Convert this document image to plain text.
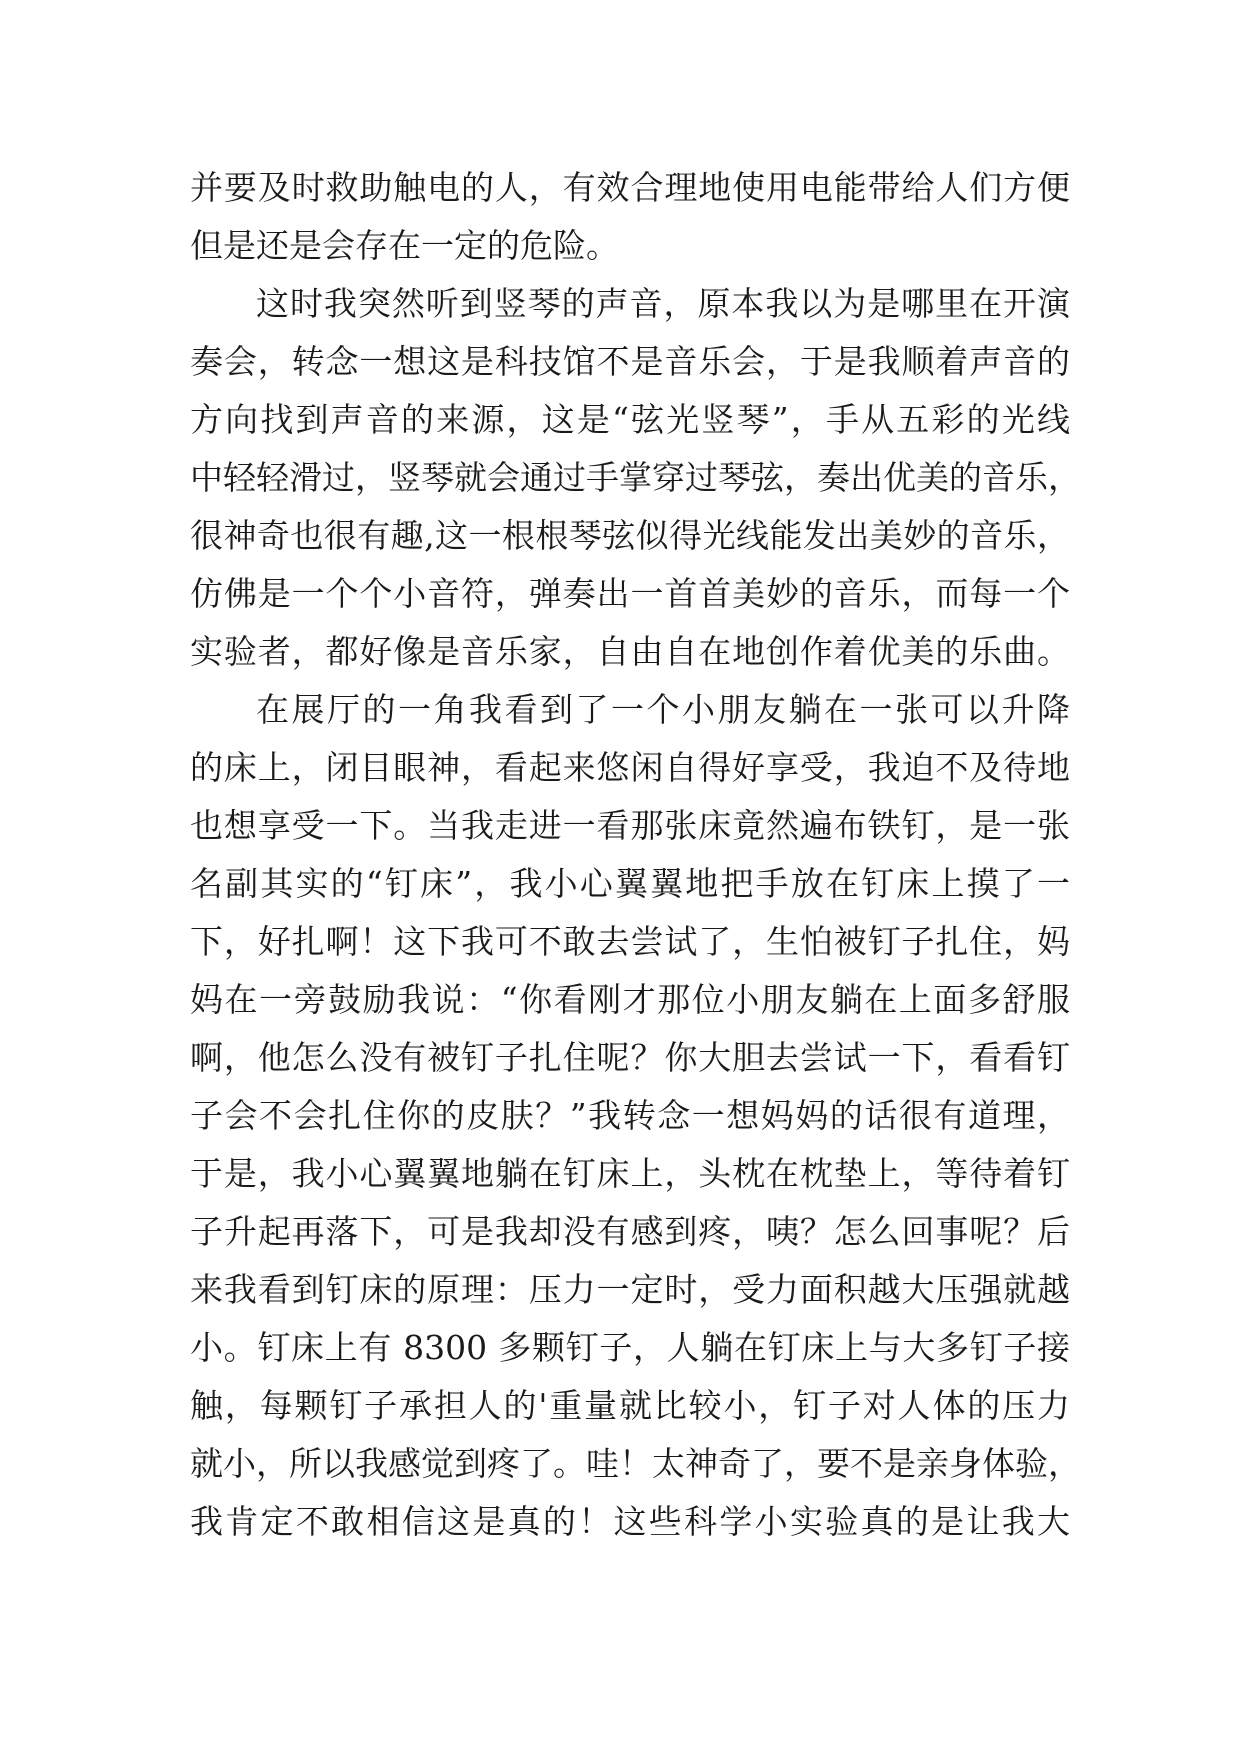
并要及时救助触电的人，有效合理地使用电能带给人们方便
但是还是会存在一定的危险。
这时我突然听到竖琴的声音，原本我以为是哪里在开演
奏会，转念一想这是科技馆不是音乐会，于是我顺着声音的
方向找到声音的来源，这是“弦光竖琴”，手从五彩的光线
中轻轻滑过，竖琴就会通过手掌穿过琴弦，奏出优美的音乐，
很神奇也很有趣,这一根根琴弦似得光线能发出美妙的音乐，
仿佛是一个个小音符，弹奏出一首首美妙的音乐，而每一个
实验者，都好像是音乐家，自由自在地创作着优美的乐曲。
在展厅的一角我看到了一个小朋友躺在一张可以升降
的床上，闭目眼神，看起来悠闲自得好享受，我迫不及待地
也想享受一下。当我走进一看那张床竟然遍布铁钉，是一张
名副其实的“钉床”，我小心翼翼地把手放在钉床上摸了一
下，好扎啊！这下我可不敢去尝试了，生怕被钉子扎住，妈
妈在一旁鼓励我说：“你看刚才那位小朋友躺在上面多舒服
啊，他怎么没有被钉子扎住呢？你大胆去尝试一下，看看钉
子会不会扎住你的皮肤？”我转念一想妈妈的话很有道理，
于是，我小心翼翼地躺在钉床上，头枕在枕垫上，等待着钉
子升起再落下，可是我却没有感到疼，咦？怎么回事呢？后
来我看到钉床的原理：压力一定时，受力面积越大压强就越
小。钉床上有 8300 多颗钉子，人躺在钉床上与大多钉子接
触，每颗钉子承担人的'重量就比较小，钉子对人体的压力
就小，所以我感觉到疼了。哇！太神奇了，要不是亲身体验，
我肯定不敢相信这是真的！这些科学小实验真的是让我大
